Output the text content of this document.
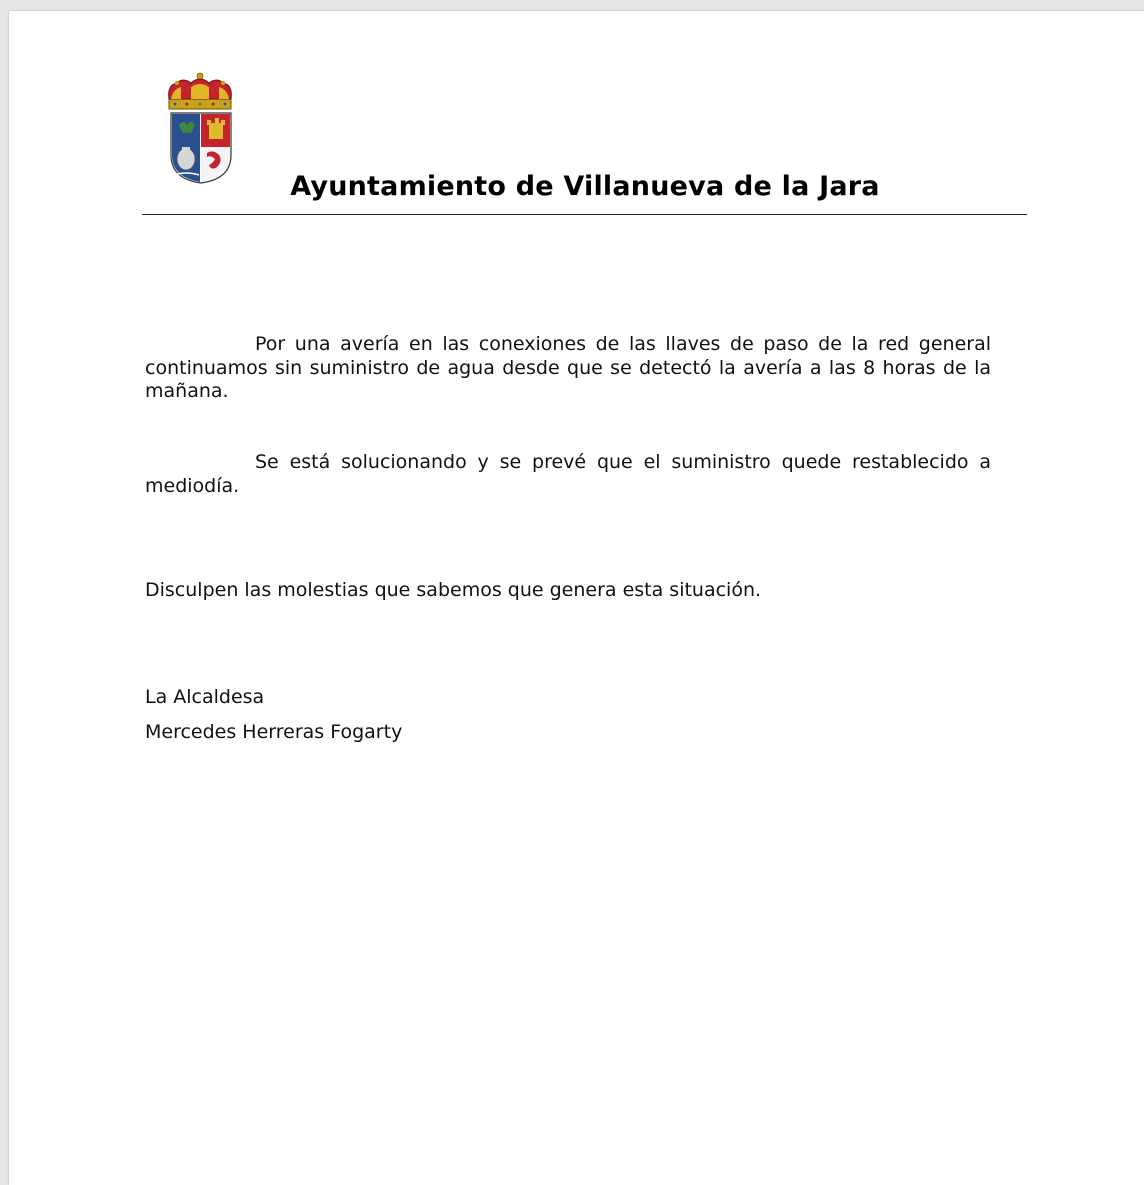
Ayuntamiento de Villanueva de la Jara

Por una avería en las conexiones de las llaves de paso de la red general continuamos sin suministro de agua desde que se detectó la avería a las 8 horas de la mañana.

Se está solucionando y se prevé que el suministro quede restablecido a mediodía.

Disculpen las molestias que sabemos que genera esta situación.

La Alcaldesa

Mercedes Herreras Fogarty
